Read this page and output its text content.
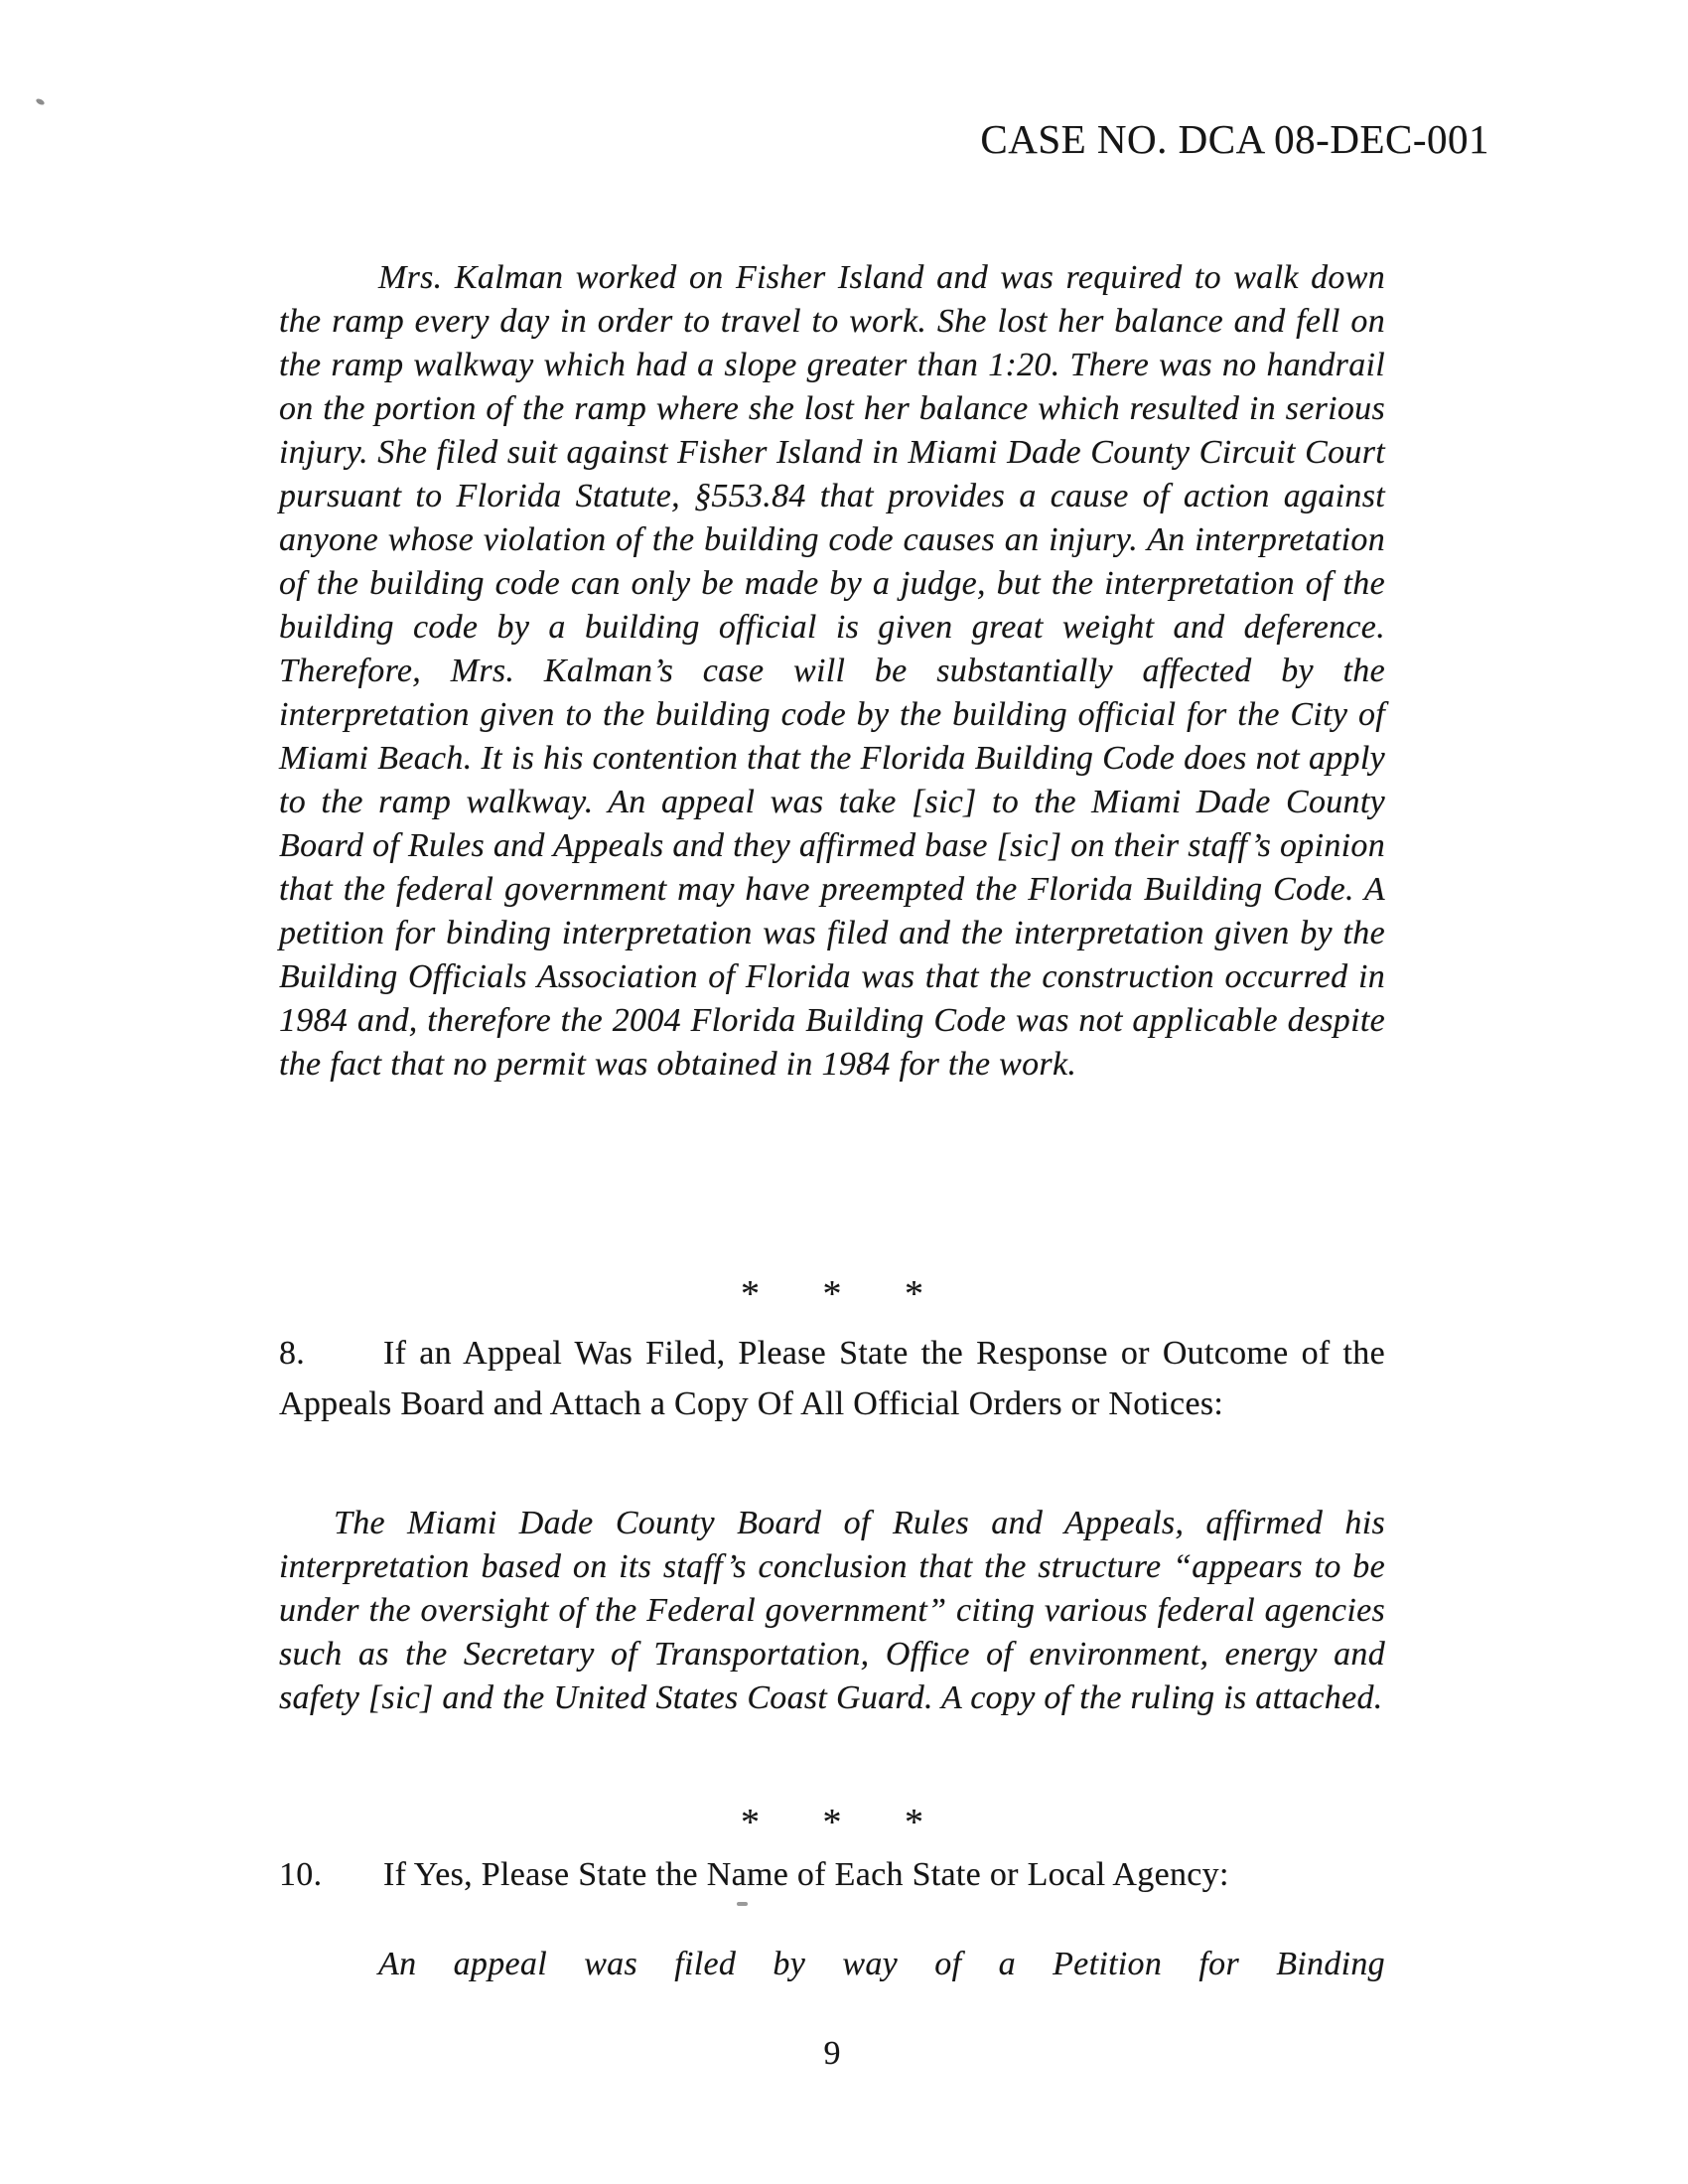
CASE NO. DCA 08-DEC-001

Mrs. Kalman worked on Fisher Island and was required to walk down the ramp every day in order to travel to work. She lost her balance and fell on the ramp walkway which had a slope greater than 1:20. There was no handrail on the portion of the ramp where she lost her balance which resulted in serious injury. She filed suit against Fisher Island in Miami Dade County Circuit Court pursuant to Florida Statute, §553.84 that provides a cause of action against anyone whose violation of the building code causes an injury. An interpretation of the building code can only be made by a judge, but the interpretation of the building code by a building official is given great weight and deference. Therefore, Mrs. Kalman’s case will be substantially affected by the interpretation given to the building code by the building official for the City of Miami Beach. It is his contention that the Florida Building Code does not apply to the ramp walkway. An appeal was take [sic] to the Miami Dade County Board of Rules and Appeals and they affirmed base [sic] on their staff’s opinion that the federal government may have preempted the Florida Building Code. A petition for binding interpretation was filed and the interpretation given by the Building Officials Association of Florida was that the construction occurred in 1984 and, therefore the 2004 Florida Building Code was not applicable despite the fact that no permit was obtained in 1984 for the work.

* * *

8. If an Appeal Was Filed, Please State the Response or Outcome of the Appeals Board and Attach a Copy Of All Official Orders or Notices:

The Miami Dade County Board of Rules and Appeals, affirmed his interpretation based on its staff’s conclusion that the structure “appears to be under the oversight of the Federal government” citing various federal agencies such as the Secretary of Transportation, Office of environment, energy and safety [sic] and the United States Coast Guard. A copy of the ruling is attached.

* * *

10. If Yes, Please State the Name of Each State or Local Agency:

An appeal was filed by way of a Petition for Binding

9
